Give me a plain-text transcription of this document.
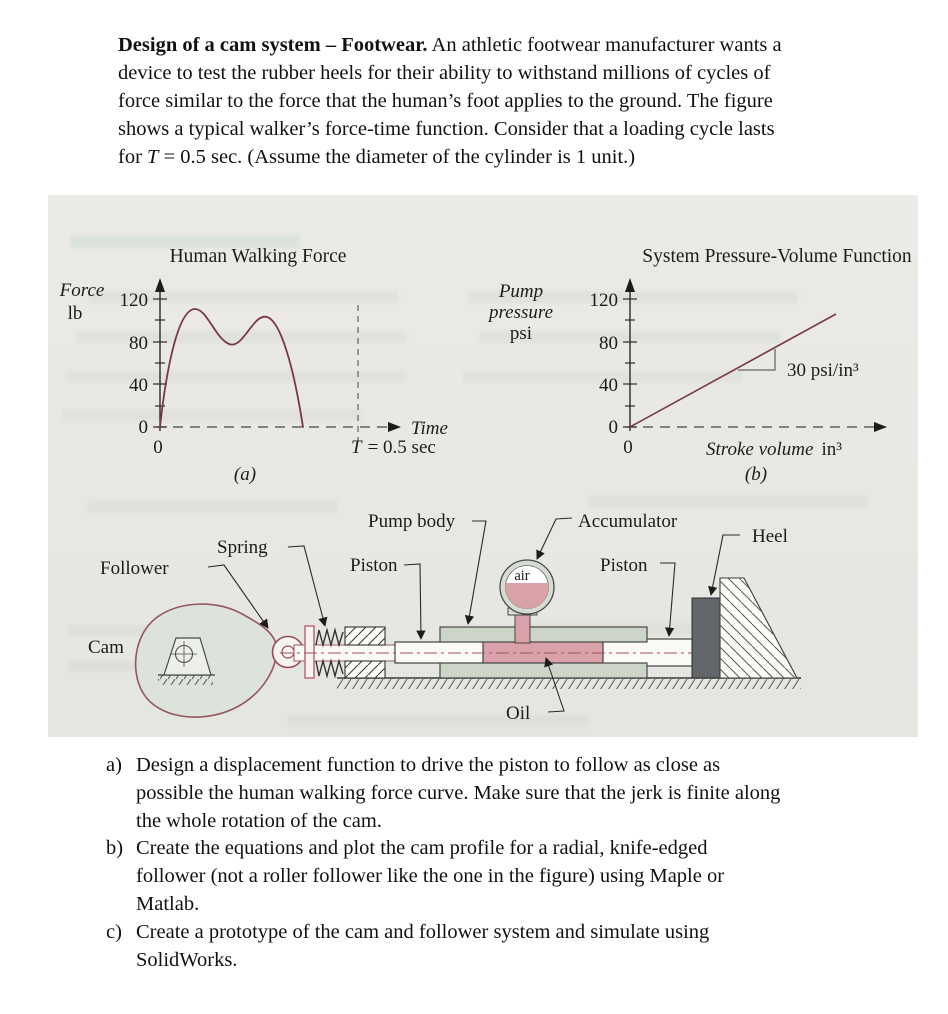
Design of a cam system – Footwear. An athletic footwear manufacturer wants a
device to test the rubber heels for their ability to withstand millions of cycles of
force similar to the force that the human’s foot applies to the ground. The figure
shows a typical walker’s force-time function. Consider that a loading cycle lasts
for T = 0.5 sec. (Assume the diameter of the cylinder is 1 unit.)
Human Walking Force
120
80
40
0
0
Force
lb
Time
T = 0.5 sec
(a)
System Pressure-Volume Function
120
80
40
0
0
Pump
pressure
psi
Stroke volume in³
30 psi/in³
(b)
air
Cam
Follower
Spring
Pump body
Piston
Accumulator
Piston
Heel
Oil
a) Design a displacement function to drive the piston to follow as close as
possible the human walking force curve. Make sure that the jerk is finite along
the whole rotation of the cam.
b) Create the equations and plot the cam profile for a radial, knife-edged
follower (not a roller follower like the one in the figure) using Maple or
Matlab.
c) Create a prototype of the cam and follower system and simulate using
SolidWorks.
